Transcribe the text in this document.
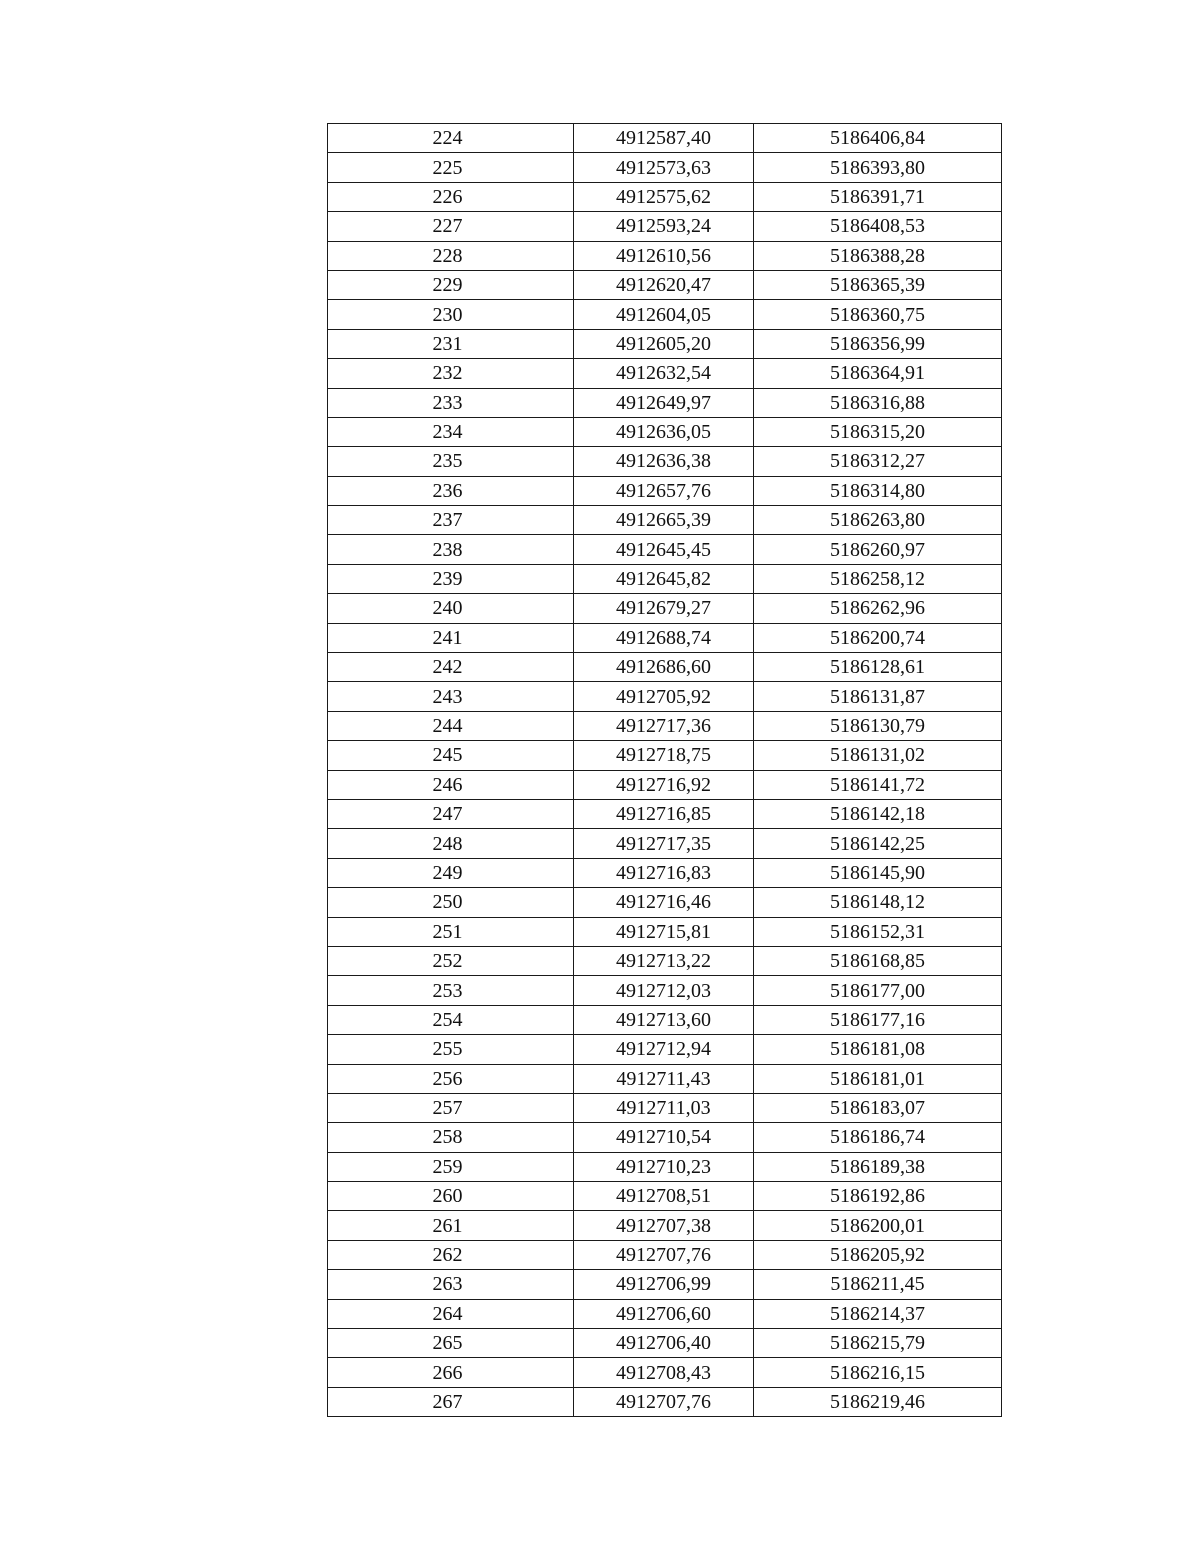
224	4912587,40	5186406,84
225	4912573,63	5186393,80
226	4912575,62	5186391,71
227	4912593,24	5186408,53
228	4912610,56	5186388,28
229	4912620,47	5186365,39
230	4912604,05	5186360,75
231	4912605,20	5186356,99
232	4912632,54	5186364,91
233	4912649,97	5186316,88
234	4912636,05	5186315,20
235	4912636,38	5186312,27
236	4912657,76	5186314,80
237	4912665,39	5186263,80
238	4912645,45	5186260,97
239	4912645,82	5186258,12
240	4912679,27	5186262,96
241	4912688,74	5186200,74
242	4912686,60	5186128,61
243	4912705,92	5186131,87
244	4912717,36	5186130,79
245	4912718,75	5186131,02
246	4912716,92	5186141,72
247	4912716,85	5186142,18
248	4912717,35	5186142,25
249	4912716,83	5186145,90
250	4912716,46	5186148,12
251	4912715,81	5186152,31
252	4912713,22	5186168,85
253	4912712,03	5186177,00
254	4912713,60	5186177,16
255	4912712,94	5186181,08
256	4912711,43	5186181,01
257	4912711,03	5186183,07
258	4912710,54	5186186,74
259	4912710,23	5186189,38
260	4912708,51	5186192,86
261	4912707,38	5186200,01
262	4912707,76	5186205,92
263	4912706,99	5186211,45
264	4912706,60	5186214,37
265	4912706,40	5186215,79
266	4912708,43	5186216,15
267	4912707,76	5186219,46
